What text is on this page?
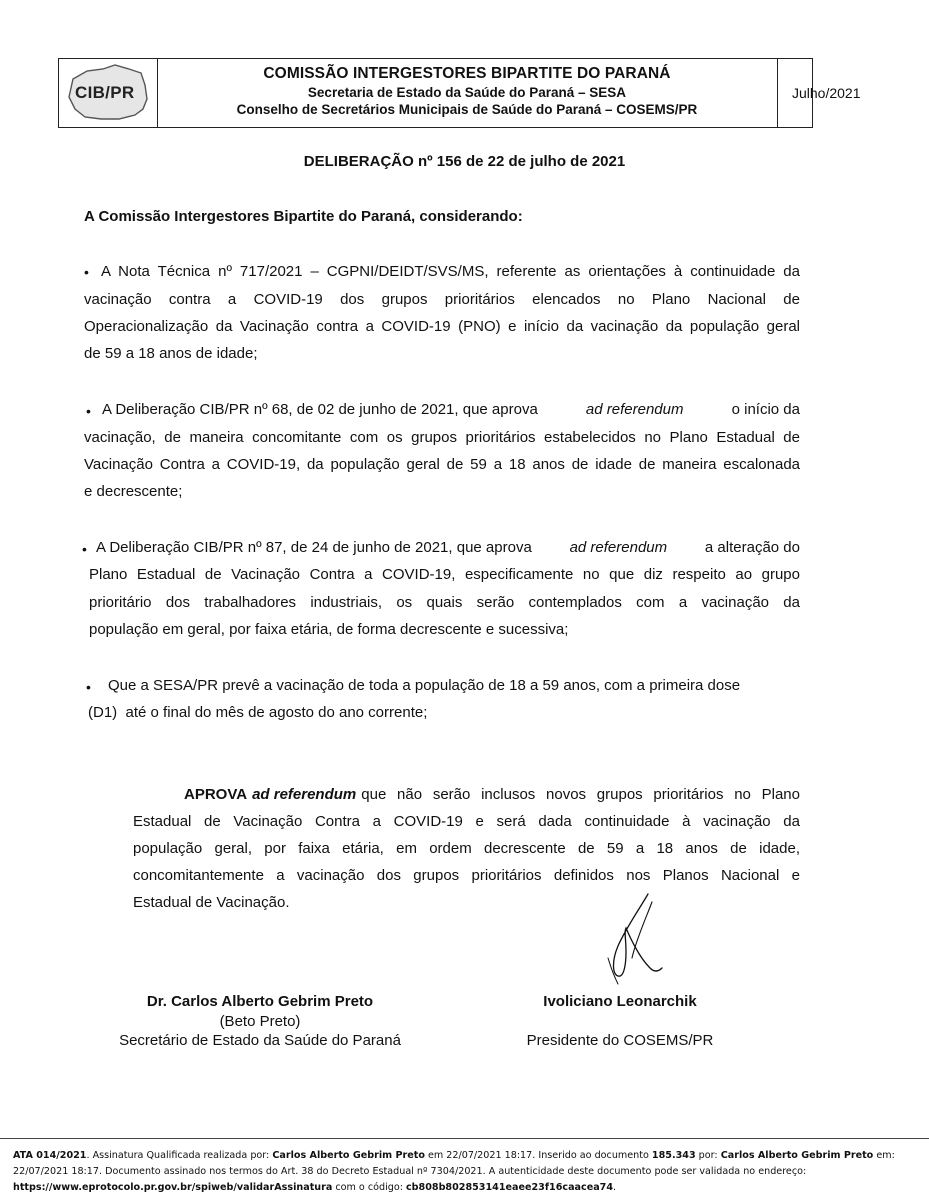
CIB/PR
COMISSÃO INTERGESTORES BIPARTITE DO PARANÁ
Secretaria de Estado da Saúde do Paraná – SESA
Conselho de Secretários Municipais de Saúde do Paraná – COSEMS/PR
Julho/2021
DELIBERAÇÃO nº 156 de 22 de julho de 2021
A Comissão Intergestores Bipartite do Paraná, considerando:
• A Nota Técnica nº 717/2021 – CGPNI/DEIDT/SVS/MS, referente as orientações à continuidade da
vacinação contra a COVID-19 dos grupos prioritários elencados no Plano Nacional de
Operacionalização da Vacinação contra a COVID-19 (PNO) e início da vacinação da população geral
de 59 a 18 anos de idade;
• A Deliberação CIB/PR nº 68, de 02 de junho de 2021, que aprova	ad referendum	o início da
vacinação, de maneira concomitante com os grupos prioritários estabelecidos no Plano Estadual de
Vacinação Contra a COVID-19, da população geral de 59 a 18 anos de idade de maneira escalonada
e decrescente;
• A Deliberação CIB/PR nº 87, de 24 de junho de 2021, que aprova	ad referendum	a alteração do
Plano Estadual de Vacinação Contra a COVID-19, especificamente no que diz respeito ao grupo
prioritário dos trabalhadores industriais, os quais serão contemplados com a vacinação da
população em geral, por faixa etária, de forma decrescente e sucessiva;
• Que a SESA/PR prevê a vacinação de toda a população de 18 a 59 anos, com a primeira dose
(D1)  até o final do mês de agosto do ano corrente;
APROVA ad referendum que não serão inclusos novos grupos prioritários no Plano
Estadual de Vacinação Contra a COVID-19 e será dada continuidade à vacinação da
população geral, por faixa etária, em ordem decrescente de 59 a 18 anos de idade,
concomitantemente a vacinação dos grupos prioritários definidos nos Planos Nacional e
Estadual de Vacinação.
Dr. Carlos Alberto Gebrim Preto
(Beto Preto)
Secretário de Estado da Saúde do Paraná
Ivoliciano Leonarchik
Presidente do COSEMS/PR
ATA 014/2021. Assinatura Qualificada realizada por: Carlos Alberto Gebrim Preto em 22/07/2021 18:17. Inserido ao documento 185.343 por: Carlos Alberto Gebrim Preto em:
22/07/2021 18:17. Documento assinado nos termos do Art. 38 do Decreto Estadual nº 7304/2021. A autenticidade deste documento pode ser validada no endereço:
https://www.eprotocolo.pr.gov.br/spiweb/validarAssinatura com o código: cb808b802853141eaee23f16caacea74.
